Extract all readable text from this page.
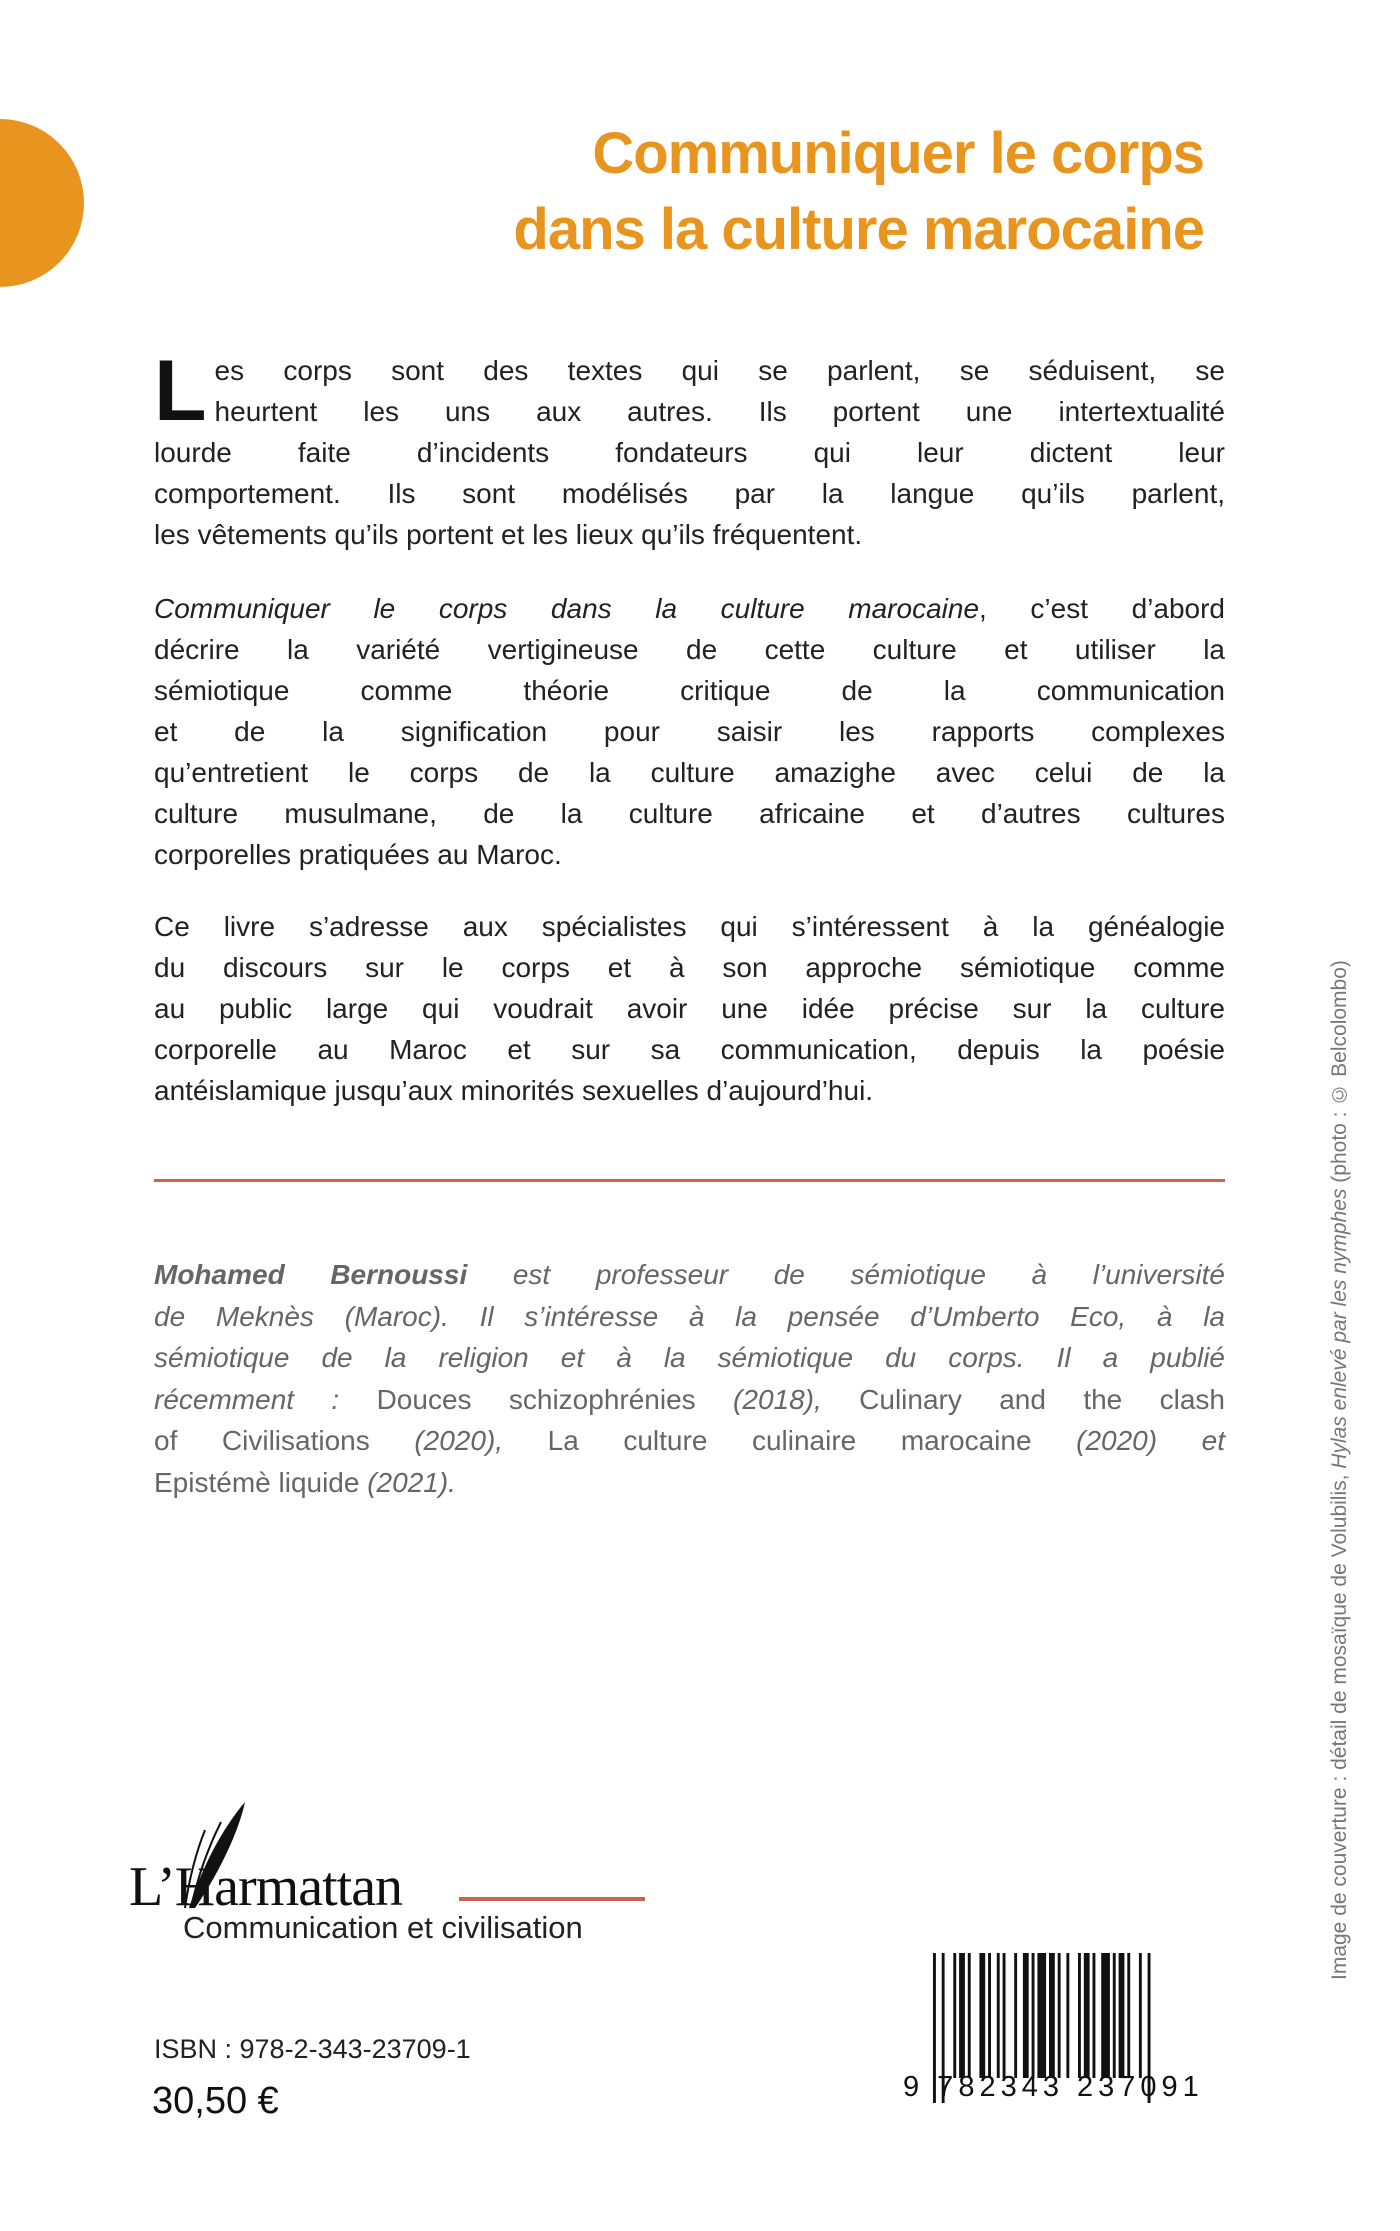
Communiquer le corps
dans la culture marocaine
L es corps sont des textes qui se parlent, se séduisent, se
heurtent les uns aux autres. Ils portent une intertextualité
lourde faite d’incidents fondateurs qui leur dictent leur
comportement. Ils sont modélisés par la langue qu’ils parlent,
les vêtements qu’ils portent et les lieux qu’ils fréquentent.
Communiquer le corps dans la culture marocaine, c’est d’abord
décrire la variété vertigineuse de cette culture et utiliser la
sémiotique comme théorie critique de la communication
et de la signification pour saisir les rapports complexes
qu’entretient le corps de la culture amazighe avec celui de la
culture musulmane, de la culture africaine et d’autres cultures
corporelles pratiquées au Maroc.
Ce livre s’adresse aux spécialistes qui s’intéressent à la généalogie
du discours sur le corps et à son approche sémiotique comme
au public large qui voudrait avoir une idée précise sur la culture
corporelle au Maroc et sur sa communication, depuis la poésie
antéislamique jusqu’aux minorités sexuelles d’aujourd’hui.
Mohamed Bernoussi est professeur de sémiotique à l’université
de Meknès (Maroc). Il s’intéresse à la pensée d’Umberto Eco, à la
sémiotique de la religion et à la sémiotique du corps. Il a publié
récemment : Douces schizophrénies (2018), Culinary and the clash
of Civilisations (2020), La culture culinaire marocaine (2020) et
Epistémè liquide (2021).	Image de couverture : détail de mosaïque de Volubilis, Hylas enlevé par les nymphes (photo : © Belcolombo)
L’Harmattan
Communication et civilisation
ISBN : 978-2-343-23709-1
30,50 €	9 782343 237091
